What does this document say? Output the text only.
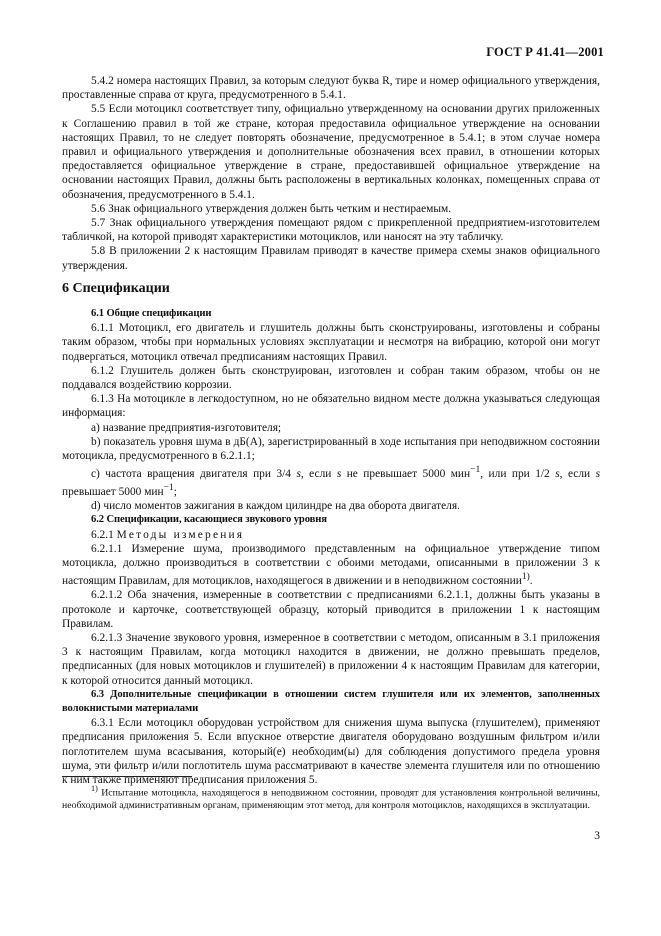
ГОСТ Р 41.41—2001

5.4.2 номера настоящих Правил, за которым следуют буква R, тире и номер официального утверждения, проставленные справа от круга, предусмотренного в 5.4.1.

5.5 Если мотоцикл соответствует типу, официально утвержденному на основании других приложенных к Соглашению правил в той же стране, которая предоставила официальное утверждение на основании настоящих Правил, то не следует повторять обозначение, предусмотренное в 5.4.1; в этом случае номера правил и официального утверждения и дополнительные обозначения всех правил, в отношении которых предоставляется официальное утверждение в стране, предоставившей официальное утверждение на основании настоящих Правил, должны быть расположены в вертикальных колонках, помещенных справа от обозначения, предусмотренного в 5.4.1.

5.6 Знак официального утверждения должен быть четким и нестираемым.

5.7 Знак официального утверждения помещают рядом с прикрепленной предприятием-изготовителем табличкой, на которой приводят характеристики мотоциклов, или наносят на эту табличку.

5.8 В приложении 2 к настоящим Правилам приводят в качестве примера схемы знаков официального утверждения.

6 Спецификации

6.1 Общие спецификации

6.1.1 Мотоцикл, его двигатель и глушитель должны быть сконструированы, изготовлены и собраны таким образом, чтобы при нормальных условиях эксплуатации и несмотря на вибрацию, которой они могут подвергаться, мотоцикл отвечал предписаниям настоящих Правил.

6.1.2 Глушитель должен быть сконструирован, изготовлен и собран таким образом, чтобы он не поддавался воздействию коррозии.

6.1.3 На мотоцикле в легкодоступном, но не обязательно видном месте должна указываться следующая информация:

а) название предприятия-изготовителя;

b) показатель уровня шума в дБ(А), зарегистрированный в ходе испытания при неподвижном состоянии мотоцикла, предусмотренного в 6.2.1.1;

с) частота вращения двигателя при 3/4 s, если s не превышает 5000 мин$^{-1}$, или при 1/2 s, если s превышает 5000 мин$^{-1}$;

d) число моментов зажигания в каждом цилиндре на два оборота двигателя.

6.2 Спецификации, касающиеся звукового уровня

6.2.1 Методы измерения

6.2.1.1 Измерение шума, производимого представленным на официальное утверждение типом мотоцикла, должно производиться в соответствии с обоими методами, описанными в приложении 3 к настоящим Правилам, для мотоциклов, находящегося в движении и в неподвижном состоянии$^{1)}$.

6.2.1.2 Оба значения, измеренные в соответствии с предписаниями 6.2.1.1, должны быть указаны в протоколе и карточке, соответствующей образцу, который приводится в приложении 1 к настоящим Правилам.

6.2.1.3 Значение звукового уровня, измеренное в соответствии с методом, описанным в 3.1 приложения 3 к настоящим Правилам, когда мотоцикл находится в движении, не должно превышать пределов, предписанных (для новых мотоциклов и глушителей) в приложении 4 к настоящим Правилам для категории, к которой относится данный мотоцикл.

6.3 Дополнительные спецификации в отношении систем глушителя или их элементов, заполненных волокнистыми материалами

6.3.1 Если мотоцикл оборудован устройством для снижения шума выпуска (глушителем), применяют предписания приложения 5. Если впускное отверстие двигателя оборудовано воздушным фильтром и/или поглотителем шума всасывания, который(е) необходим(ы) для соблюдения допустимого предела уровня шума, эти фильтр и/или поглотитель шума рассматривают в качестве элемента глушителя или по отношению к ним также применяют предписания приложения 5.

$^{1)}$ Испытание мотоцикла, находящегося в неподвижном состоянии, проводят для установления контрольной величины, необходимой административным органам, применяющим этот метод, для контроля мотоциклов, находящихся в эксплуатации.
3
